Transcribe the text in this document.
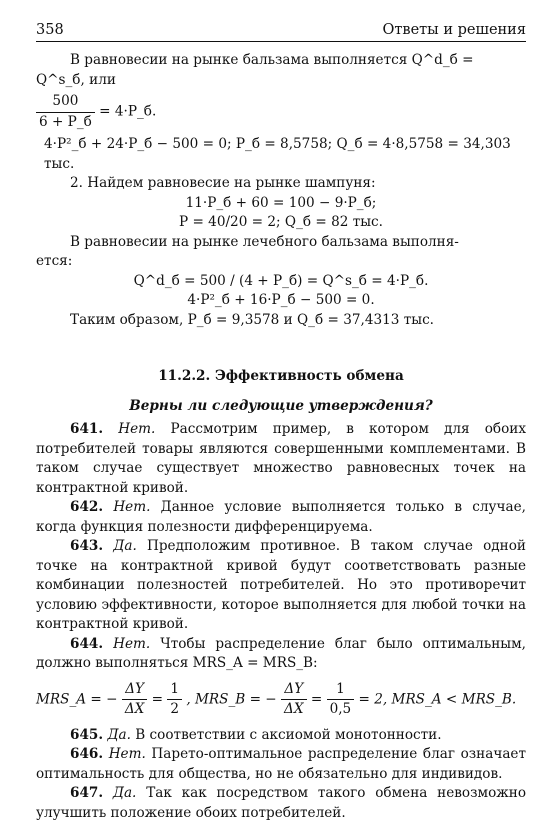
358	Ответы и решения
В равновесии на рынке бальзама выполняется Q^d_б = Q^s_б, или
$\frac{500}{6 + P\_б}$ = 4·P_б.
4·P²_б + 24·P_б − 500 = 0; P_б = 8,5758; Q_б = 4·8,5758 = 34,303 тыс.
2. Найдем равновесие на рынке шампуня:
11·P_б + 60 = 100 − 9·P_б;
P = 40/20 = 2; Q_б = 82 тыс.
В равновесии на рынке лечебного бальзама выполня-
ется:
Q^d_б = 500 / (4 + P_б) = Q^s_б = 4·P_б.
4·P²_б + 16·P_б − 500 = 0.
Таким образом, P_б = 9,3578 и Q_б = 37,4313 тыс.
11.2.2. Эффективность обмена
Верны ли следующие утверждения?
641. Нет. Рассмотрим пример, в котором для обоих потребителей товары являются совершенными комплементами. В таком случае существует множество равновесных точек на контрактной кривой.
642. Нет. Данное условие выполняется только в случае, когда функция полезности дифференцируема.
643. Да. Предположим противное. В таком случае одной точке на контрактной кривой будут соответствовать разные комбинации полезностей потребителей. Но это противоречит условию эффективности, которое выполняется для любой точки на контрактной кривой.
644. Нет. Чтобы распределение благ было оптимальным, должно выполняться MRS_A = MRS_B:
MRS_A = − $\frac{\Delta Y}{\Delta X} = \frac{1}{2}$ , MRS_B = − $\frac{\Delta Y}{\Delta X} = \frac{1}{0,5} = 2$, MRS_A < MRS_B.
645. Да. В соответствии с аксиомой монотонности.
646. Нет. Парето-оптимальное распределение благ означает оптимальность для общества, но не обязательно для индивидов.
647. Да. Так как посредством такого обмена невозможно улучшить положение обоих потребителей.
